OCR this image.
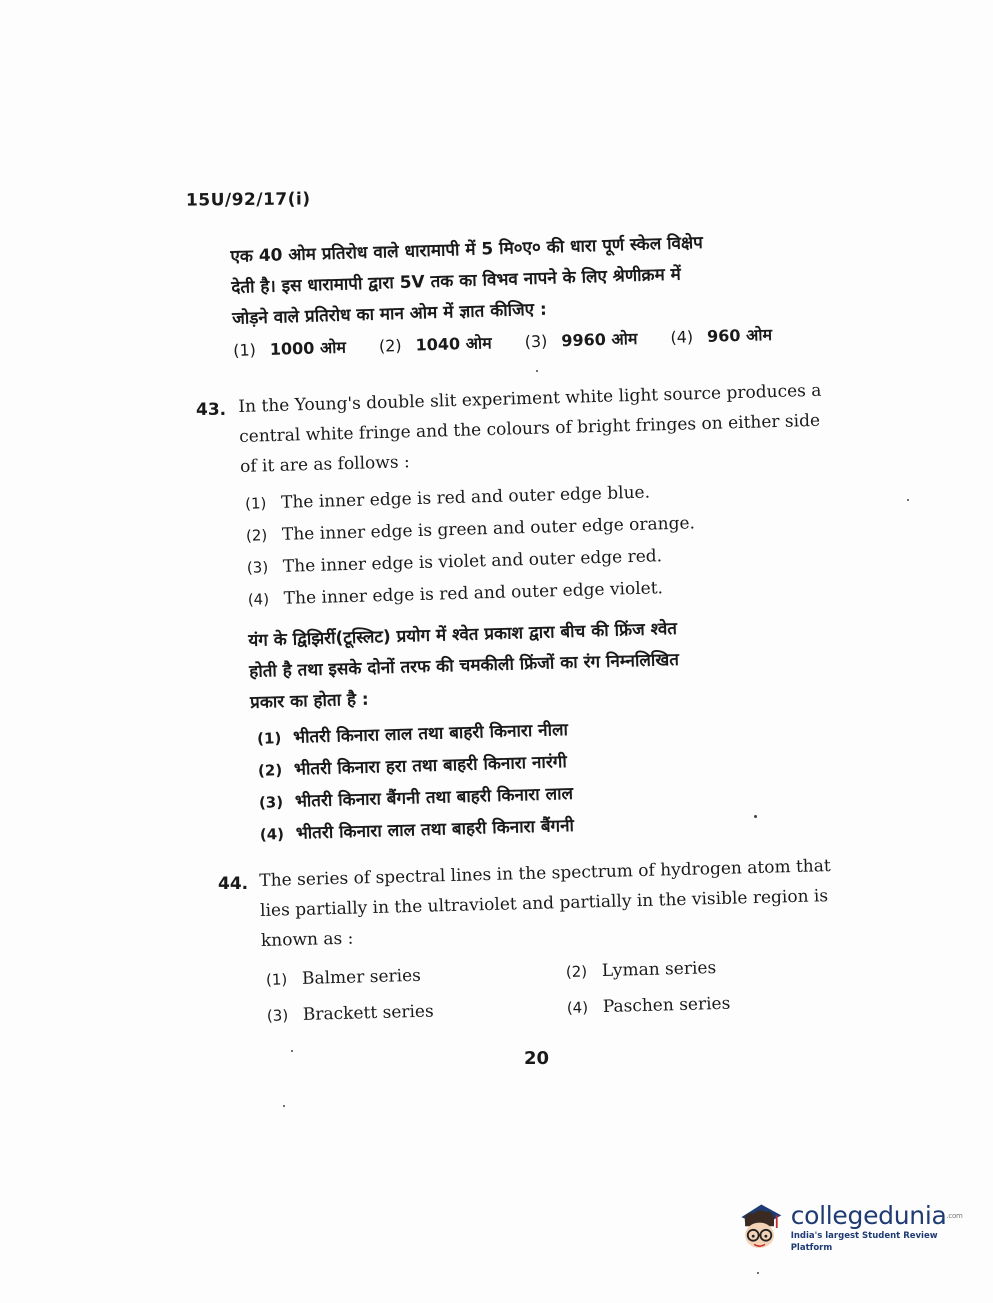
15U/92/17(i)
एक 40 ओम प्रतिरोध वाले धारामापी में 5 मि०ए० की धारा पूर्ण स्केल विक्षेप
देती है। इस धारामापी द्वारा 5V तक का विभव नापने के लिए श्रेणीक्रम में
जोड़ने वाले प्रतिरोध का मान ओम में ज्ञात कीजिए :
(1) 1000 ओम (2) 1040 ओम (3) 9960 ओम (4) 960 ओम
43. In the Young's double slit experiment white light source produces a
central white fringe and the colours of bright fringes on either side
of it are as follows :
(1) The inner edge is red and outer edge blue.
(2) The inner edge is green and outer edge orange.
(3) The inner edge is violet and outer edge red.
(4) The inner edge is red and outer edge violet.
यंग के द्विझिर्री(टूस्लिट) प्रयोग में श्वेत प्रकाश द्वारा बीच की फ्रिंज श्वेत
होती है तथा इसके दोनों तरफ की चमकीली फ्रिंजों का रंग निम्नलिखित
प्रकार का होता है :
(1) भीतरी किनारा लाल तथा बाहरी किनारा नीला
(2) भीतरी किनारा हरा तथा बाहरी किनारा नारंगी
(3) भीतरी किनारा बैंगनी तथा बाहरी किनारा लाल
(4) भीतरी किनारा लाल तथा बाहरी किनारा बैंगनी
44. The series of spectral lines in the spectrum of hydrogen atom that
lies partially in the ultraviolet and partially in the visible region is
known as :
(1) Balmer series	(2) Lyman series
(3) Brackett series	(4) Paschen series
20
collegedunia$^{.com}$
India's largest Student Review Platform
